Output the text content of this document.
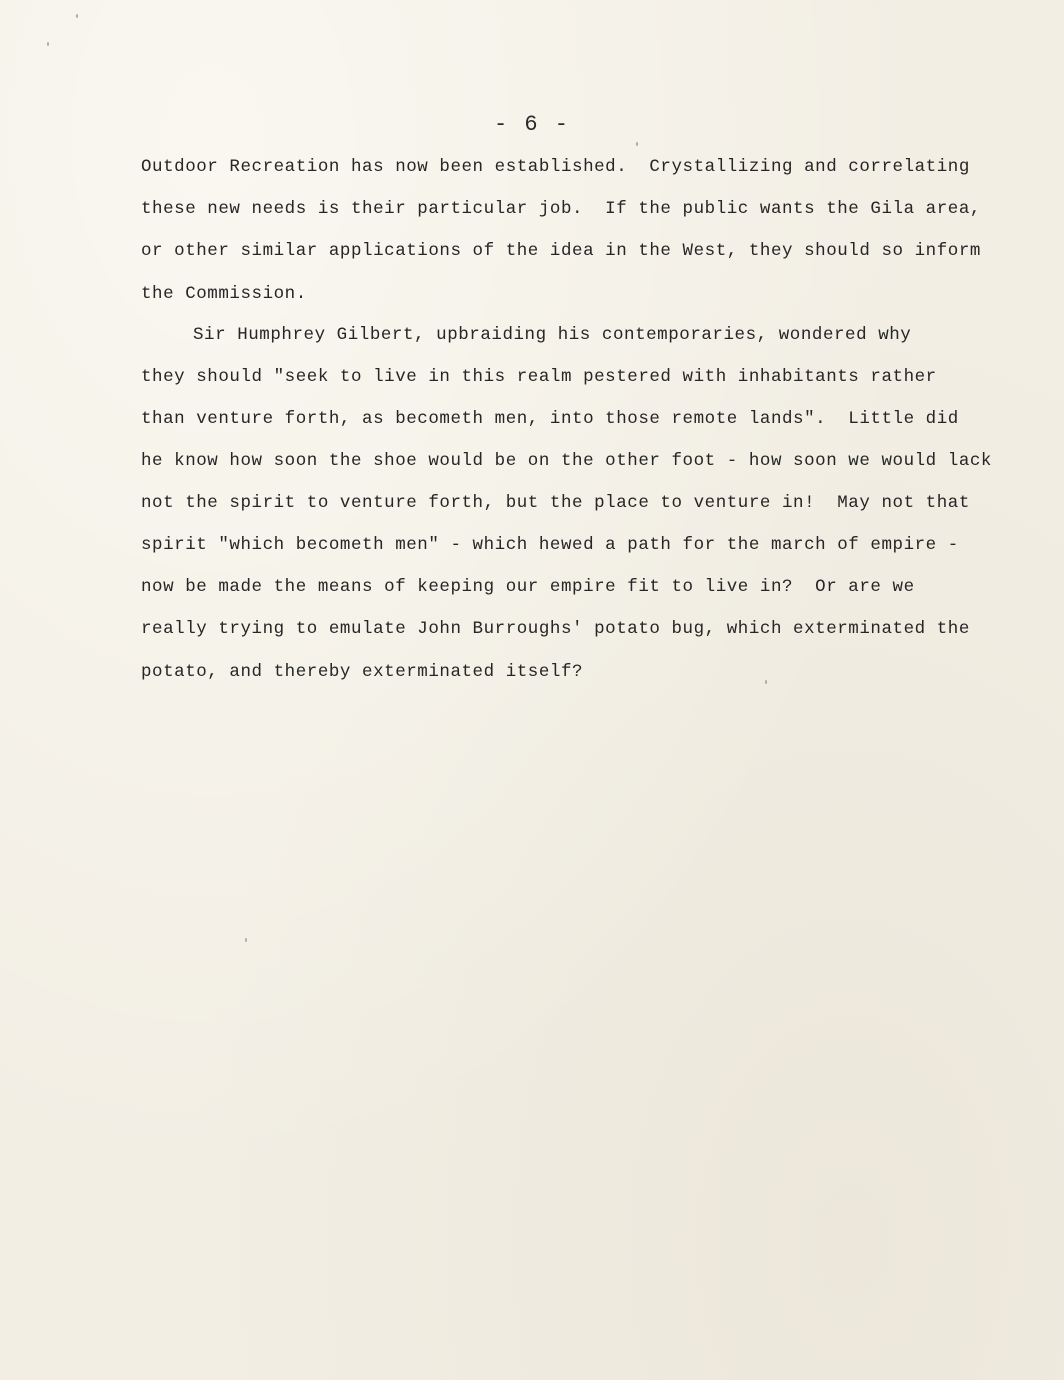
- 6 -
Outdoor Recreation has now been established.  Crystallizing and correlating
these new needs is their particular job.  If the public wants the Gila area,
or other similar applications of the idea in the West, they should so inform
the Commission.
Sir Humphrey Gilbert, upbraiding his contemporaries, wondered why
they should "seek to live in this realm pestered with inhabitants rather
than venture forth, as becometh men, into those remote lands".  Little did
he know how soon the shoe would be on the other foot - how soon we would lack
not the spirit to venture forth, but the place to venture in!  May not that
spirit "which becometh men" - which hewed a path for the march of empire -
now be made the means of keeping our empire fit to live in?  Or are we
really trying to emulate John Burroughs' potato bug, which exterminated the
potato, and thereby exterminated itself?
